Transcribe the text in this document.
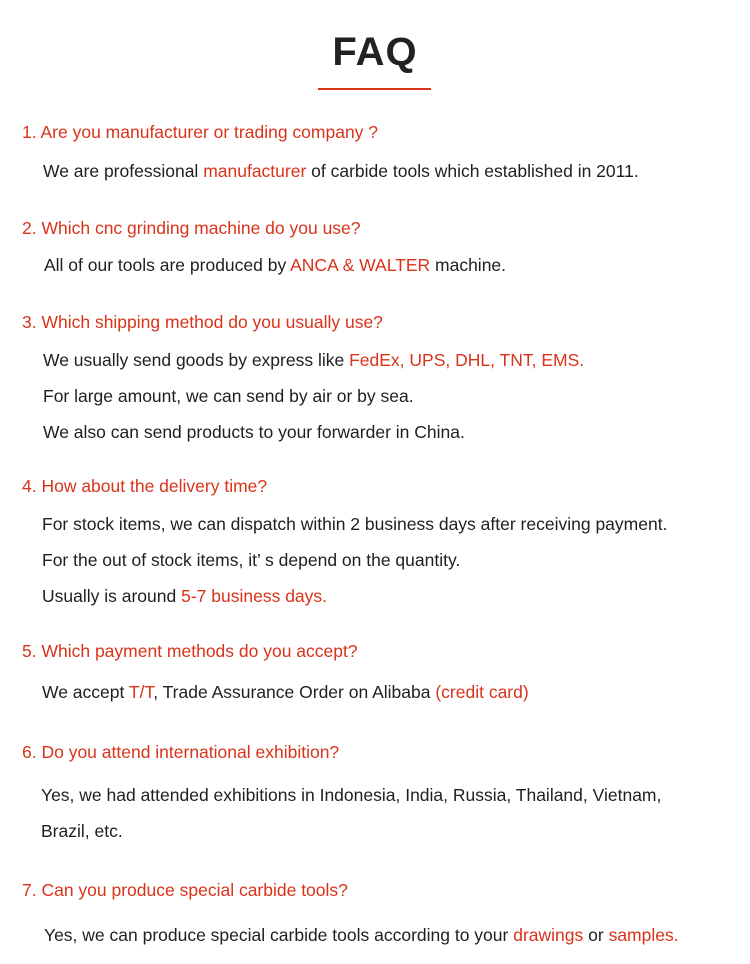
FAQ
1. Are you manufacturer or trading company ?
We are professional manufacturer of carbide tools which established in 2011.
2. Which cnc grinding machine do you use?
All of our tools are produced by ANCA & WALTER machine.
3. Which shipping method do you usually use?
We usually send goods by express like FedEx, UPS, DHL, TNT, EMS.
For large amount, we can send by air or by sea.
We also can send products to your forwarder in China.
4. How about the delivery time?
For stock items, we can dispatch within 2 business days after receiving payment.
For the out of stock items, it’ s depend on the quantity.
Usually is around 5-7 business days.
5. Which payment methods do you accept?
We accept T/T, Trade Assurance Order on Alibaba (credit card)
6. Do you attend international exhibition?
Yes, we had attended exhibitions in Indonesia, India, Russia, Thailand, Vietnam,
Brazil, etc.
7. Can you produce special carbide tools?
Yes, we can produce special carbide tools according to your drawings or samples.
